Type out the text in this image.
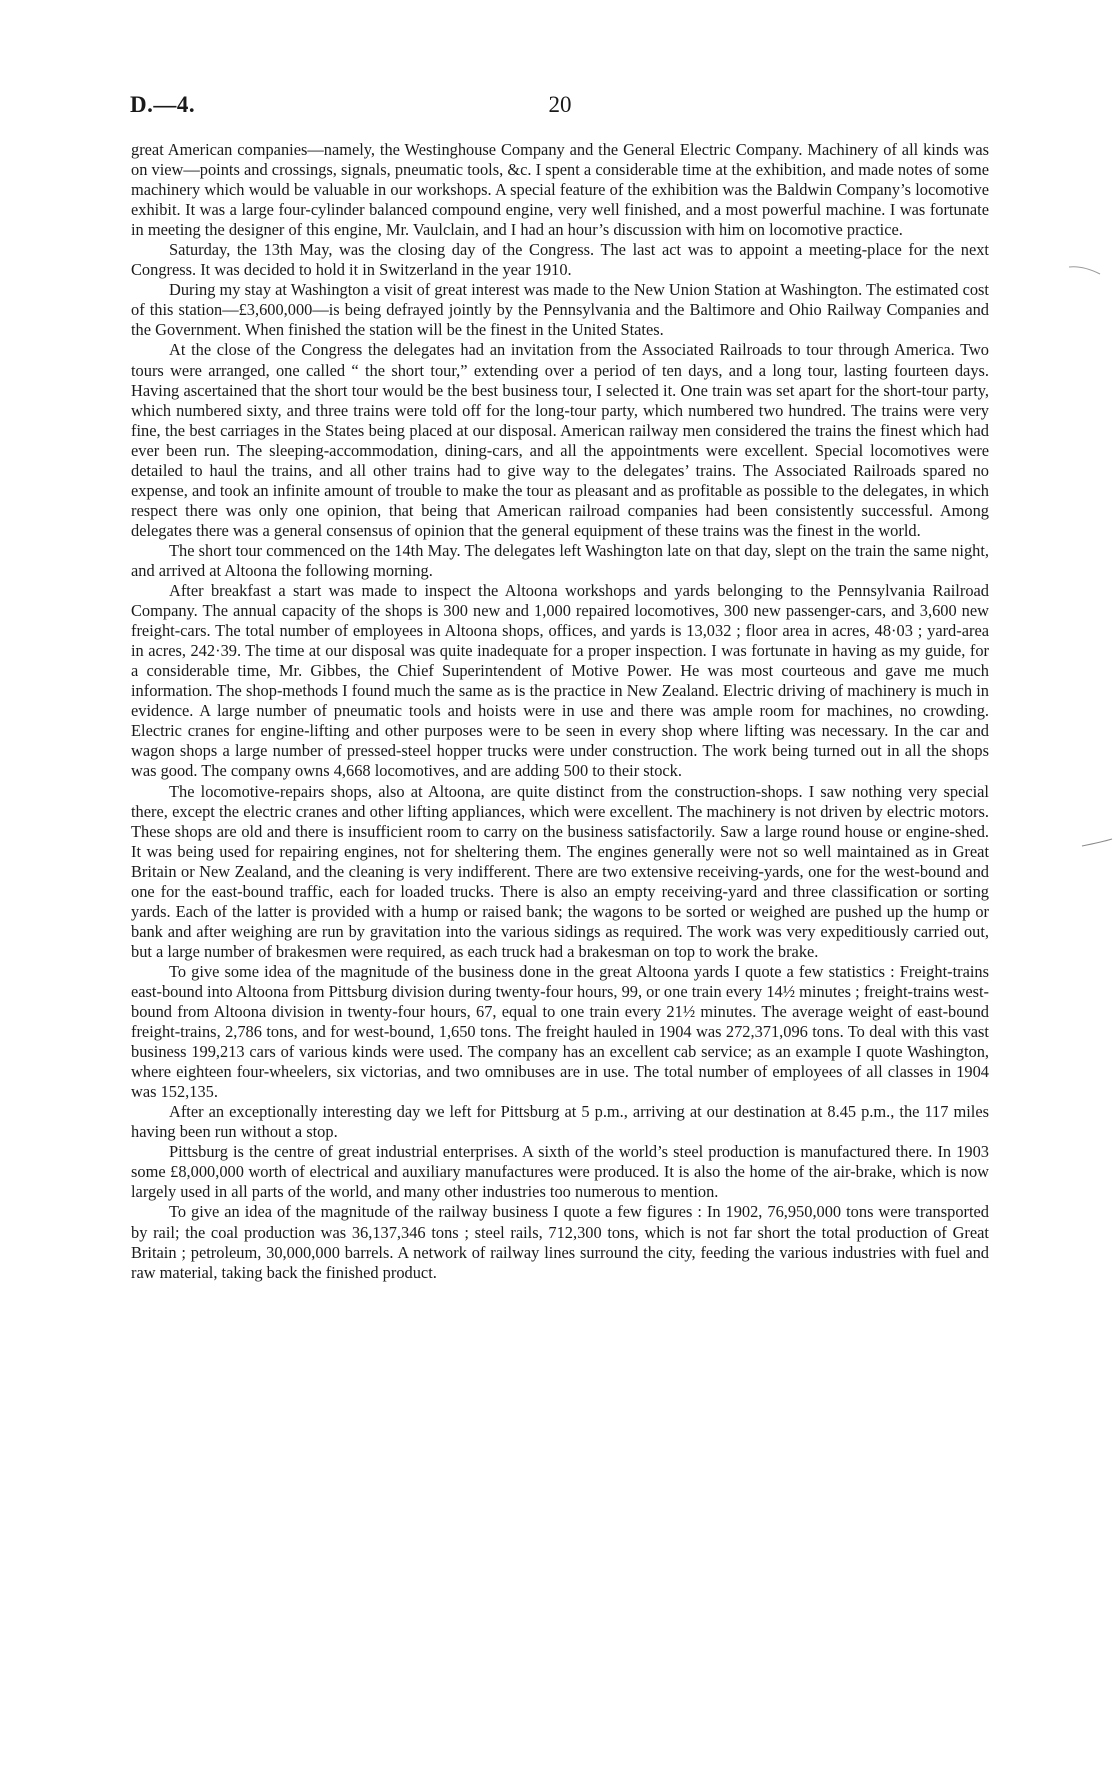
D.—4.	20

great American companies—namely, the Westinghouse Company and the General Electric Company. Machinery of all kinds was on view—points and crossings, signals, pneumatic tools, &c. I spent a considerable time at the exhibition, and made notes of some machinery which would be valuable in our workshops. A special feature of the exhibition was the Baldwin Company’s locomotive exhibit. It was a large four-cylinder balanced compound engine, very well finished, and a most powerful machine. I was fortunate in meeting the designer of this engine, Mr. Vaulclain, and I had an hour’s discussion with him on locomotive practice.

Saturday, the 13th May, was the closing day of the Congress. The last act was to appoint a meeting-place for the next Congress. It was decided to hold it in Switzerland in the year 1910.

During my stay at Washington a visit of great interest was made to the New Union Station at Washington. The estimated cost of this station—£3,600,000—is being defrayed jointly by the Pennsylvania and the Baltimore and Ohio Railway Companies and the Government. When finished the station will be the finest in the United States.

At the close of the Congress the delegates had an invitation from the Associated Railroads to tour through America. Two tours were arranged, one called “ the short tour,” extending over a period of ten days, and a long tour, lasting fourteen days. Having ascertained that the short tour would be the best business tour, I selected it. One train was set apart for the short-tour party, which numbered sixty, and three trains were told off for the long-tour party, which numbered two hundred. The trains were very fine, the best carriages in the States being placed at our disposal. American railway men considered the trains the finest which had ever been run. The sleeping-accommodation, dining-cars, and all the appointments were excellent. Special locomotives were detailed to haul the trains, and all other trains had to give way to the delegates’ trains. The Associated Railroads spared no expense, and took an infinite amount of trouble to make the tour as pleasant and as profitable as possible to the delegates, in which respect there was only one opinion, that being that American railroad companies had been consistently successful. Among delegates there was a general consensus of opinion that the general equipment of these trains was the finest in the world.

The short tour commenced on the 14th May. The delegates left Washington late on that day, slept on the train the same night, and arrived at Altoona the following morning.

After breakfast a start was made to inspect the Altoona workshops and yards belonging to the Pennsylvania Railroad Company. The annual capacity of the shops is 300 new and 1,000 repaired locomotives, 300 new passenger-cars, and 3,600 new freight-cars. The total number of employees in Altoona shops, offices, and yards is 13,032 ; floor area in acres, 48·03 ; yard-area in acres, 242·39. The time at our disposal was quite inadequate for a proper inspection. I was fortunate in having as my guide, for a considerable time, Mr. Gibbes, the Chief Superintendent of Motive Power. He was most courteous and gave me much information. The shop-methods I found much the same as is the practice in New Zealand. Electric driving of machinery is much in evidence. A large number of pneumatic tools and hoists were in use and there was ample room for machines, no crowding. Electric cranes for engine-lifting and other purposes were to be seen in every shop where lifting was necessary. In the car and wagon shops a large number of pressed-steel hopper trucks were under construction. The work being turned out in all the shops was good. The company owns 4,668 locomotives, and are adding 500 to their stock.

The locomotive-repairs shops, also at Altoona, are quite distinct from the construction-shops. I saw nothing very special there, except the electric cranes and other lifting appliances, which were excellent. The machinery is not driven by electric motors. These shops are old and there is insufficient room to carry on the business satisfactorily. Saw a large round house or engine-shed. It was being used for repairing engines, not for sheltering them. The engines generally were not so well maintained as in Great Britain or New Zealand, and the cleaning is very indifferent. There are two extensive receiving-yards, one for the west-bound and one for the east-bound traffic, each for loaded trucks. There is also an empty receiving-yard and three classification or sorting yards. Each of the latter is provided with a hump or raised bank; the wagons to be sorted or weighed are pushed up the hump or bank and after weighing are run by gravitation into the various sidings as required. The work was very expeditiously carried out, but a large number of brakesmen were required, as each truck had a brakesman on top to work the brake.

To give some idea of the magnitude of the business done in the great Altoona yards I quote a few statistics : Freight-trains east-bound into Altoona from Pittsburg division during twenty-four hours, 99, or one train every 14½ minutes ; freight-trains west-bound from Altoona division in twenty-four hours, 67, equal to one train every 21½ minutes. The average weight of east-bound freight-trains, 2,786 tons, and for west-bound, 1,650 tons. The freight hauled in 1904 was 272,371,096 tons. To deal with this vast business 199,213 cars of various kinds were used. The company has an excellent cab service; as an example I quote Washington, where eighteen four-wheelers, six victorias, and two omnibuses are in use. The total number of employees of all classes in 1904 was 152,135.

After an exceptionally interesting day we left for Pittsburg at 5 p.m., arriving at our destination at 8.45 p.m., the 117 miles having been run without a stop.

Pittsburg is the centre of great industrial enterprises. A sixth of the world’s steel production is manufactured there. In 1903 some £8,000,000 worth of electrical and auxiliary manufactures were produced. It is also the home of the air-brake, which is now largely used in all parts of the world, and many other industries too numerous to mention.

To give an idea of the magnitude of the railway business I quote a few figures : In 1902, 76,950,000 tons were transported by rail; the coal production was 36,137,346 tons ; steel rails, 712,300 tons, which is not far short the total production of Great Britain ; petroleum, 30,000,000 barrels. A network of railway lines surround the city, feeding the various industries with fuel and raw material, taking back the finished product.
